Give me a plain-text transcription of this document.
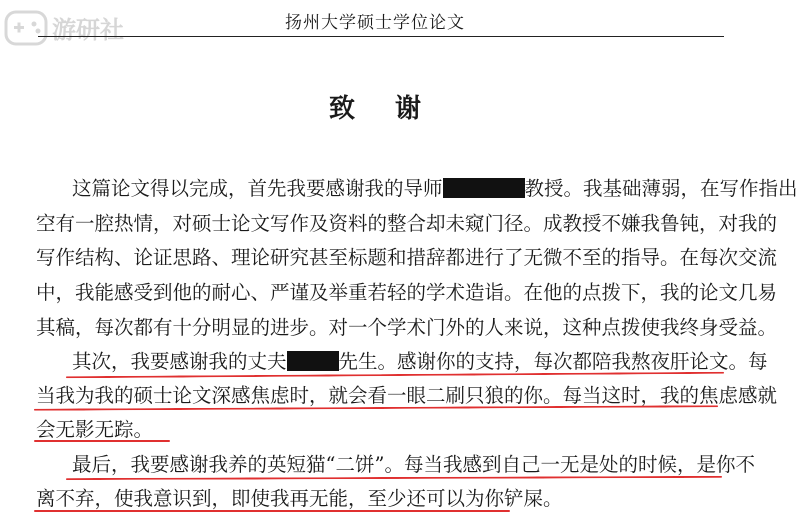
游研社	扬州大学硕士学位论文
致谢
这篇论文得以完成，首先我要感谢我的导师	教授。我基础薄弱，在写作指出
空有一腔热情，对硕士论文写作及资料的整合却未窥门径。成教授不嫌我鲁钝，对我的
写作结构、论证思路、理论研究甚至标题和措辞都进行了无微不至的指导。在每次交流
中，我能感受到他的耐心、严谨及举重若轻的学术造诣。在他的点拨下，我的论文几易
其稿，每次都有十分明显的进步。对一个学术门外的人来说，这种点拨使我终身受益。
其次，我要感谢我的丈夫	先生。感谢你的支持，每次都陪我熬夜肝论文。每
当我为我的硕士论文深感焦虑时，就会看一眼二刷只狼的你。每当这时，我的焦虑感就
会无影无踪。
最后，我要感谢我养的英短猫“二饼”。每当我感到自己一无是处的时候，是你不
离不弃，使我意识到，即使我再无能，至少还可以为你铲屎。
